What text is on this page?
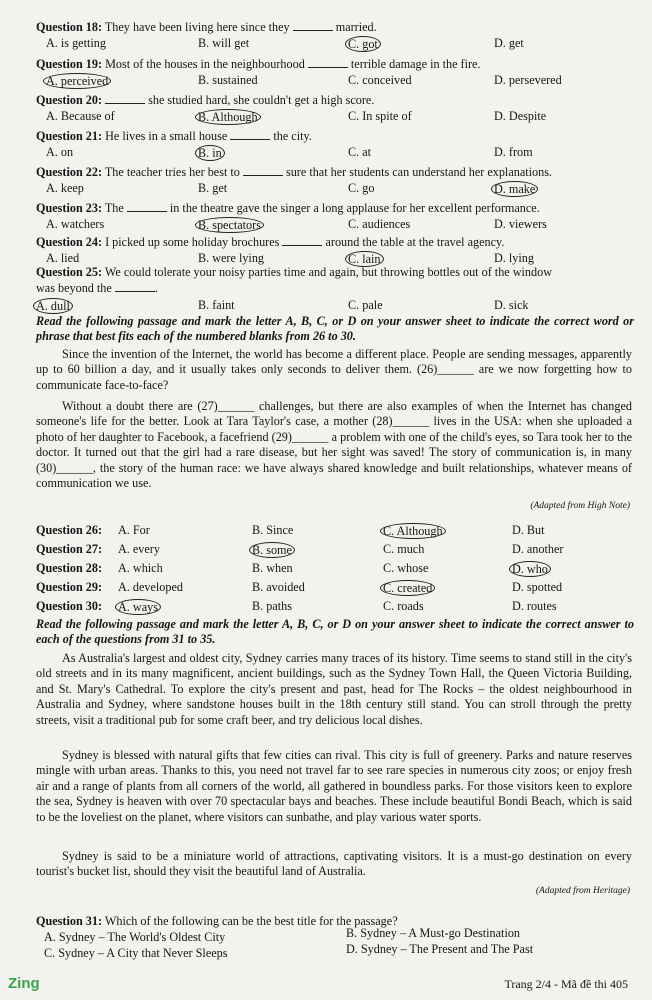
Question 18: They have been living here since they	married.
A. is getting	B. will get	C. got	D. get
Question 19: Most of the houses in the neighbourhood	terrible damage in the fire.
A. perceived	B. sustained	C. conceived	D. persevered
Question 20:	she studied hard, she couldn't get a high score.
A. Because of	B. Although	C. In spite of	D. Despite
Question 21: He lives in a small house	the city.
A. on	B. in	C. at	D. from
Question 22: The teacher tries her best to	sure that her students can understand her explanations.
A. keep	B. get	C. go	D. make
Question 23: The	in the theatre gave the singer a long applause for her excellent performance.
A. watchers	B. spectators	C. audiences	D. viewers
Question 24: I picked up some holiday brochures	around the table at the travel agency.
A. lied	B. were lying	C. lain	D. lying
Question 25: We could tolerate your noisy parties time and again, but throwing bottles out of the window
was beyond the	.
A. dull	B. faint	C. pale	D. sick
Read the following passage and mark the letter A, B, C, or D on your answer sheet to indicate the correct word or phrase that best fits each of the numbered blanks from 26 to 30.
Since the invention of the Internet, the world has become a different place. People are sending messages, apparently up to 60 billion a day, and it usually takes only seconds to deliver them. (26)______ are we now forgetting how to communicate face-to-face?
Without a doubt there are (27)______ challenges, but there are also examples of when the Internet has changed someone's life for the better. Look at Tara Taylor's case, a mother (28)______ lives in the USA: when she uploaded a photo of her daughter to Facebook, a facefriend (29)______ a problem with one of the child's eyes, so Tara took her to the doctor. It turned out that the girl had a rare disease, but her sight was saved! The story of communication is, in many (30)______, the story of the human race: we have always shared knowledge and built relationships, whatever means of communication we use.
(Adapted from High Note)
Question 26: A. For	B. Since	C. Although	D. But
Question 27: A. every	B. some	C. much	D. another
Question 28: A. which	B. when	C. whose	D. who
Question 29: A. developed	B. avoided	C. created	D. spotted
Question 30: A. ways	B. paths	C. roads	D. routes
Read the following passage and mark the letter A, B, C, or D on your answer sheet to indicate the correct answer to each of the questions from 31 to 35.
As Australia's largest and oldest city, Sydney carries many traces of its history. Time seems to stand still in the city's old streets and in its many magnificent, ancient buildings, such as the Sydney Town Hall, the Queen Victoria Building, and St. Mary's Cathedral. To explore the city's present and past, head for The Rocks – the oldest neighbourhood in Australia and Sydney, where sandstone houses built in the 18th century still stand. You can stroll through the pretty streets, visit a traditional pub for some craft beer, and try delicious local dishes.
Sydney is blessed with natural gifts that few cities can rival. This city is full of greenery. Parks and nature reserves mingle with urban areas. Thanks to this, you need not travel far to see rare species in numerous city zoos; or enjoy fresh air and a range of plants from all corners of the world, all gathered in boundless parks. For those visitors keen to explore the sea, Sydney is heaven with over 70 spectacular bays and beaches. These include beautiful Bondi Beach, which is said to be the loveliest on the planet, where visitors can sunbathe, and play various water sports.
Sydney is said to be a miniature world of attractions, captivating visitors. It is a must-go destination on every tourist's bucket list, should they visit the beautiful land of Australia.
(Adapted from Heritage)
Question 31: Which of the following can be the best title for the passage?
A. Sydney – The World's Oldest City	B. Sydney – A Must-go Destination
C. Sydney – A City that Never Sleeps	D. Sydney – The Present and The Past
Trang 2/4 - Mã đề thi 405
Zing
